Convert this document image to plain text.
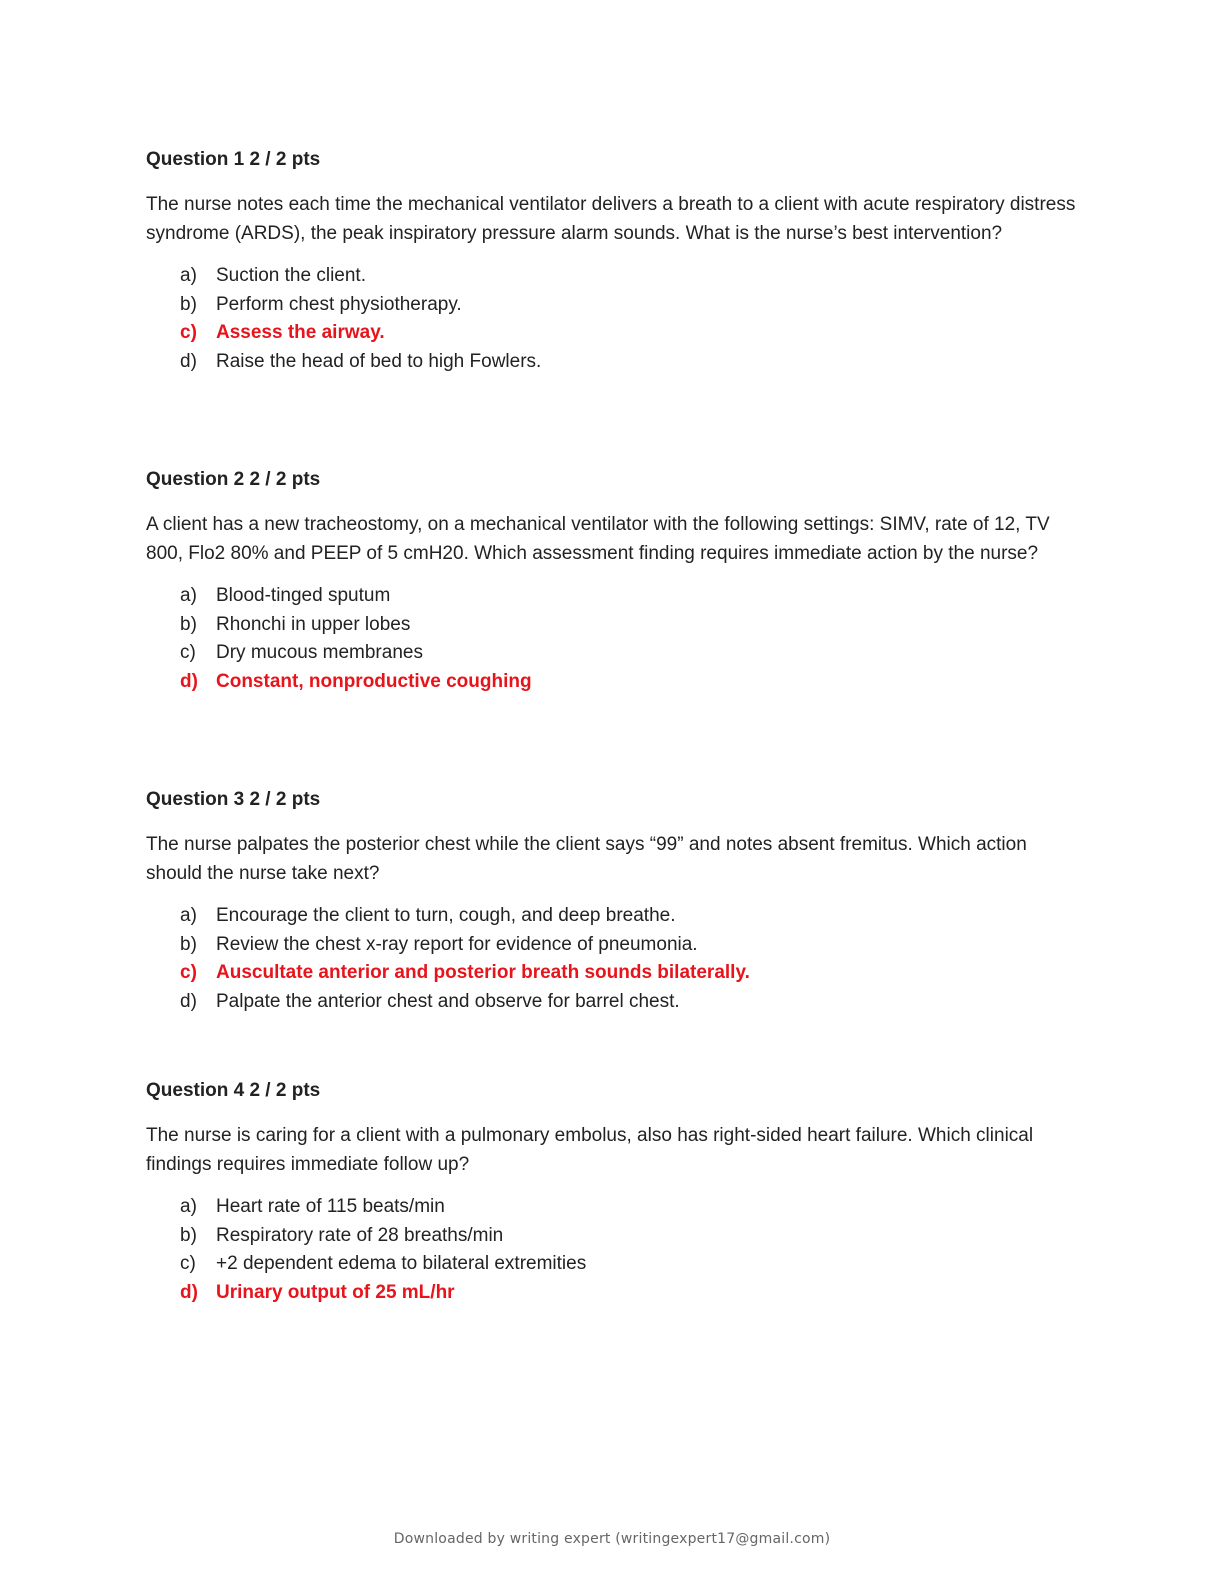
Question 1 2 / 2 pts

The nurse notes each time the mechanical ventilator delivers a breath to a client with acute respiratory distress syndrome (ARDS), the peak inspiratory pressure alarm sounds. What is the nurse’s best intervention?

a)	Suction the client.
b)	Perform chest physiotherapy.
c)	Assess the airway.
d)	Raise the head of bed to high Fowlers.

Question 2 2 / 2 pts

A client has a new tracheostomy, on a mechanical ventilator with the following settings: SIMV, rate of 12, TV 800, Flo2 80% and PEEP of 5 cmH20. Which assessment finding requires immediate action by the nurse?

a)	Blood-tinged sputum
b)	Rhonchi in upper lobes
c)	Dry mucous membranes
d) Constant, nonproductive coughing

Question 3 2 / 2 pts

The nurse palpates the posterior chest while the client says “99” and notes absent fremitus. Which action should the nurse take next?

a)	Encourage the client to turn, cough, and deep breathe.
b)	Review the chest x-ray report for evidence of pneumonia.
c)	Auscultate anterior and posterior breath sounds bilaterally.
d)	Palpate the anterior chest and observe for barrel chest.

Question 4 2 / 2 pts

The nurse is caring for a client with a pulmonary embolus, also has right-sided heart failure. Which clinical findings requires immediate follow up?

a)	Heart rate of 115 beats/min
b)	Respiratory rate of 28 breaths/min
c)	+2 dependent edema to bilateral extremities
d) Urinary output of 25 mL/hr
Downloaded by writing expert (writingexpert17@gmail.com)
